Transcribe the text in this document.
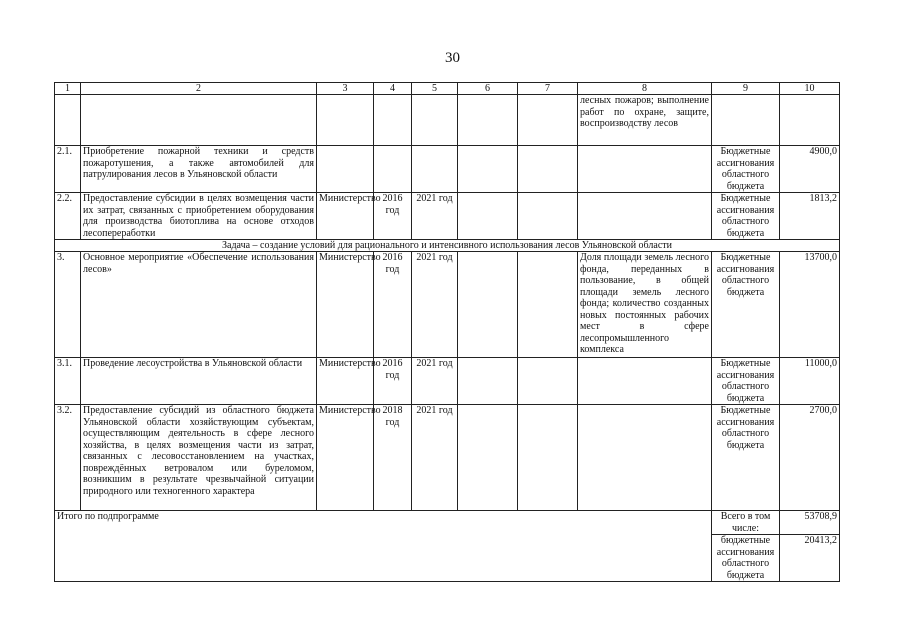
30
1	2	3	4	5	6	7	8	9	10
							лесных пожаров; выполнение работ по охране, защите, воспроизводству лесов		
2.1.	Приобретение пожарной техники и средств пожаротушения, а также автомобилей для патрулирования лесов в Ульяновской области							Бюджетные ассигнования областного бюджета	4900,0
2.2.	Предоставление субсидии в целях возмещения части их затрат, связанных с приобретением оборудования для производства биотоплива на основе отходов лесопереработки	Министерство	2016 год	2021 год				Бюджетные ассигнования областного бюджета	1813,2
Задача – создание условий для рационального и интенсивного использования лесов Ульяновской области									
3.	Основное мероприятие «Обеспечение использования лесов»	Министерство	2016 год	2021 год			Доля площади земель лесного фонда, переданных в пользование, в общей площади земель лесного фонда; количество созданных новых постоянных рабочих мест в сфере лесопромышленного комплекса	Бюджетные ассигнования областного бюджета	13700,0
3.1.	Проведение лесоустройства в Ульяновской области	Министерство	2016 год	2021 год				Бюджетные ассигнования областного бюджета	11000,0
3.2.	Предоставление субсидий из областного бюджета Ульяновской области хозяйствующим субъектам, осуществляющим деятельность в сфере лесного хозяйства, в целях возмещения части из затрат, связанных с лесовосстановлением на участках, повреждённых ветровалом или буреломом, возникшим в результате чрезвычайной ситуации природного или техногенного характера	Министерство	2018 год	2021 год				Бюджетные ассигнования областного бюджета	2700,0
Итого по подпрограмме								Всего в том числе:	53708,9
								бюджетные ассигнования областного бюджета	20413,2
